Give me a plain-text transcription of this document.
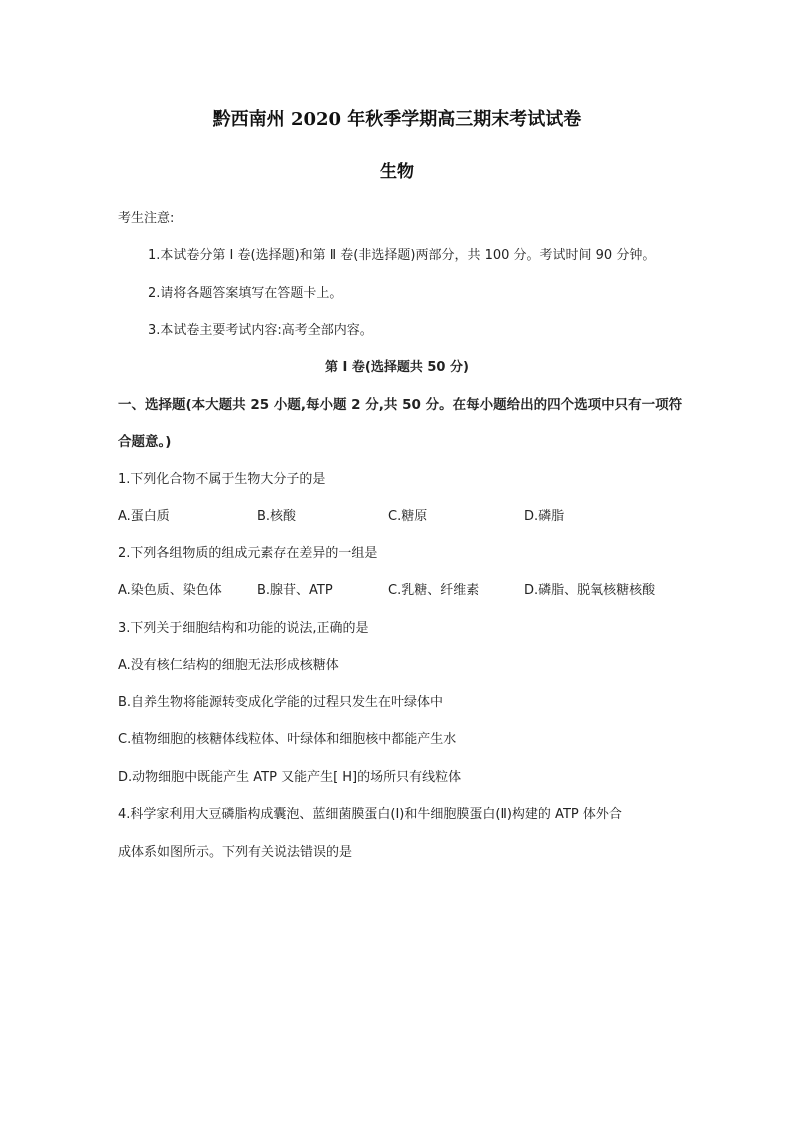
黔西南州 2020 年秋季学期高三期末考试试卷
生物
考生注意:
1.本试卷分第 Ⅰ 卷(选择题)和第 Ⅱ 卷(非选择题)两部分，共 100 分。考试时间 90 分钟。
2.请将各题答案填写在答题卡上。
3.本试卷主要考试内容:高考全部内容。
第 Ⅰ 卷(选择题共 50 分)
一、选择题(本大题共 25 小题,每小题 2 分,共 50 分。在每小题给出的四个选项中只有一项符
合题意。)
1.下列化合物不属于生物大分子的是
A.蛋白质	B.核酸	C.糖原	D.磷脂
2.下列各组物质的组成元素存在差异的一组是
A.染色质、染色体	B.腺苷、ATP	C.乳糖、纤维素	D.磷脂、脱氧核糖核酸
3.下列关于细胞结构和功能的说法,正确的是
A.没有核仁结构的细胞无法形成核糖体
B.自养生物将能源转变成化学能的过程只发生在叶绿体中
C.植物细胞的核糖体线粒体、叶绿体和细胞核中都能产生水
D.动物细胞中既能产生 ATP 又能产生[ H]的场所只有线粒体
4.科学家利用大豆磷脂构成囊泡、蓝细菌膜蛋白(Ⅰ)和牛细胞膜蛋白(Ⅱ)构建的 ATP 体外合
成体系如图所示。下列有关说法错误的是
